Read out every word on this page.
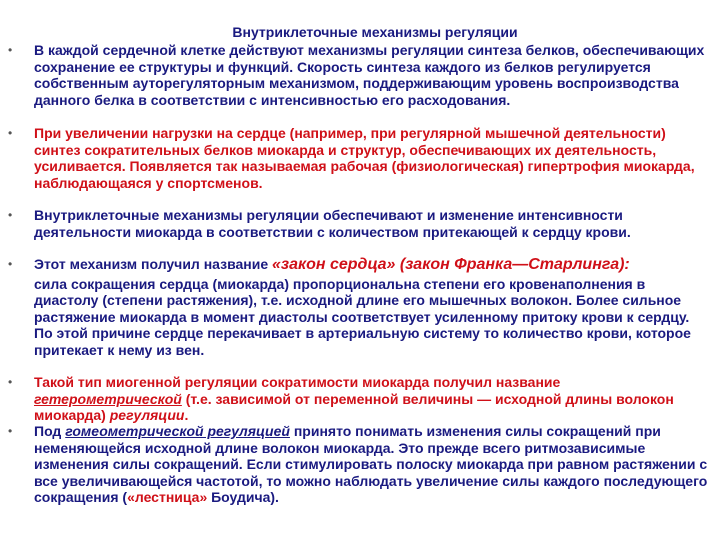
Внутриклеточные механизмы регуляции
• В каждой сердечной клетке действуют механизмы регуляции синтеза белков, обеспечивающих сохранение ее структуры и функций. Скорость синтеза каждого из белков регулируется собственным ауторегуляторным механизмом, поддерживающим уровень воспроизводства данного белка в соответствии с интенсивностью его расходования.
• При увеличении нагрузки на сердце (например, при регулярной мышечной деятельности) синтез сократительных белков миокарда и структур, обеспечивающих их деятельность, усиливается. Появляется так называемая рабочая (физиологическая) гипертрофия миокарда, наблюдающаяся у спортсменов.
• Внутриклеточные механизмы регуляции обеспечивают и изменение интенсивности деятельности миокарда в соответствии с количеством притекающей к сердцу крови.
• Этот механизм получил название «закон сердца» (закон Франка—Старлинга):
сила сокращения сердца (миокарда) пропорциональна степени его кровенаполнения в диастолу (степени растяжения), т.е. исходной длине его мышечных волокон. Более сильное растяжение миокарда в момент диастолы соответствует усиленному притоку крови к сердцу. По этой причине сердце перекачивает в артериальную систему то количество крови, которое притекает к нему из вен.
• Такой тип миогенной регуляции сократимости миокарда получил название гетерометрической (т.е. зависимой от переменной величины — исходной длины волокон миокарда) регуляции.
• Под гомеометрической регуляцией принято понимать изменения силы сокращений при неменяющейся исходной длине волокон миокарда. Это прежде всего ритмозависимые изменения силы сокращений. Если стимулировать полоску миокарда при равном растяжении с все увеличивающейся частотой, то можно наблюдать увеличение силы каждого последующего сокращения («лестница» Боудича).
